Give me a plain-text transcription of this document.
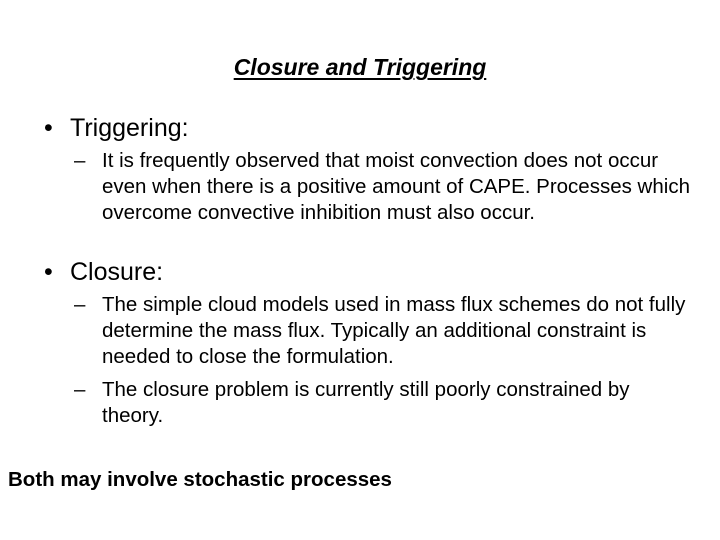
Closure and Triggering
• Triggering:
– It is frequently observed that moist convection does not occur even when there is a positive amount of CAPE. Processes which overcome convective inhibition must also occur.
• Closure:
– The simple cloud models used in mass flux schemes do not fully determine the mass flux. Typically an additional constraint is needed to close the formulation.
– The closure problem is currently still poorly constrained by theory.
Both may involve stochastic processes
